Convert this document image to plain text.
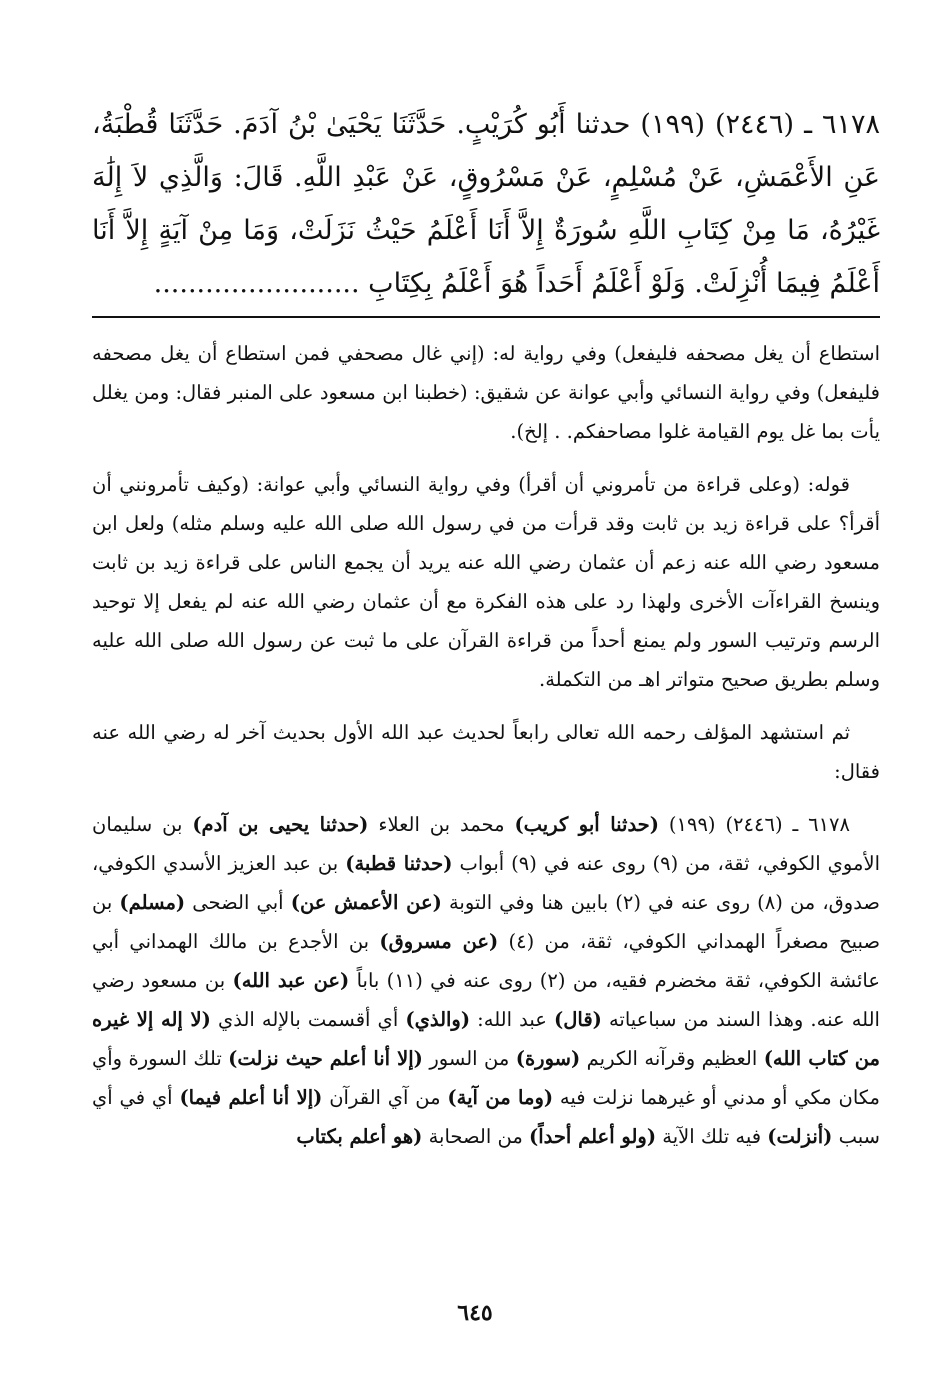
٦١٧٨ ـ (٢٤٤٦) (١٩٩) حدثنا أَبُو كُرَيْبٍ. حَدَّثَنَا يَحْيَىٰ بْنُ آدَمَ. حَدَّثَنَا قُطْبَةُ، عَنِ الأَعْمَشِ، عَنْ مُسْلِمٍ، عَنْ مَسْرُوقٍ، عَنْ عَبْدِ اللَّهِ. قَالَ: وَالَّذِي لاَ إِلَٰهَ غَيْرُهُ، مَا مِنْ كِتَابِ اللَّهِ سُورَةٌ إِلاَّ أَنَا أَعْلَمُ حَيْثُ نَزَلَتْ، وَمَا مِنْ آيَةٍ إِلاَّ أَنَا أَعْلَمُ فِيمَا أُنْزِلَتْ. وَلَوْ أَعْلَمُ أَحَداً هُوَ أَعْلَمُ بِكِتَابِ ........................

استطاع أن يغل مصحفه فليفعل) وفي رواية له: (إني غال مصحفي فمن استطاع أن يغل مصحفه فليفعل) وفي رواية النسائي وأبي عوانة عن شقيق: (خطبنا ابن مسعود على المنبر فقال: ومن يغلل يأت بما غل يوم القيامة غلوا مصاحفكم. . إلخ).

قوله: (وعلى قراءة من تأمروني أن أقرأ) وفي رواية النسائي وأبي عوانة: (وكيف تأمرونني أن أقرأ؟ على قراءة زيد بن ثابت وقد قرأت من في رسول الله صلى الله عليه وسلم مثله) ولعل ابن مسعود رضي الله عنه زعم أن عثمان رضي الله عنه يريد أن يجمع الناس على قراءة زيد بن ثابت وينسخ القراءآت الأخرى ولهذا رد على هذه الفكرة مع أن عثمان رضي الله عنه لم يفعل إلا توحيد الرسم وترتيب السور ولم يمنع أحداً من قراءة القرآن على ما ثبت عن رسول الله صلى الله عليه وسلم بطريق صحيح متواتر اهـ من التكملة.

ثم استشهد المؤلف رحمه الله تعالى رابعاً لحديث عبد الله الأول بحديث آخر له رضي الله عنه فقال:

٦١٧٨ ـ (٢٤٤٦) (١٩٩) (حدثنا أبو كريب) محمد بن العلاء (حدثنا يحيى بن آدم) بن سليمان الأموي الكوفي، ثقة، من (٩) روى عنه في (٩) أبواب (حدثنا قطبة) بن عبد العزيز الأسدي الكوفي، صدوق، من (٨) روى عنه في (٢) بابين هنا وفي التوبة (عن الأعمش عن) أبي الضحى (مسلم) بن صبيح مصغراً الهمداني الكوفي، ثقة، من (٤) (عن مسروق) بن الأجدع بن مالك الهمداني أبي عائشة الكوفي، ثقة مخضرم فقيه، من (٢) روى عنه في (١١) باباً (عن عبد الله) بن مسعود رضي الله عنه. وهذا السند من سباعياته (قال) عبد الله: (والذي) أي أقسمت بالإله الذي (لا إله إلا غيره من كتاب الله) العظيم وقرآنه الكريم (سورة) من السور (إلا أنا أعلم حيث نزلت) تلك السورة وأي مكان مكي أو مدني أو غيرهما نزلت فيه (وما من آية) من آي القرآن (إلا أنا أعلم فيما) أي في أي سبب (أنزلت) فيه تلك الآية (ولو أعلم أحداً) من الصحابة (هو أعلم بكتاب

٦٤٥
